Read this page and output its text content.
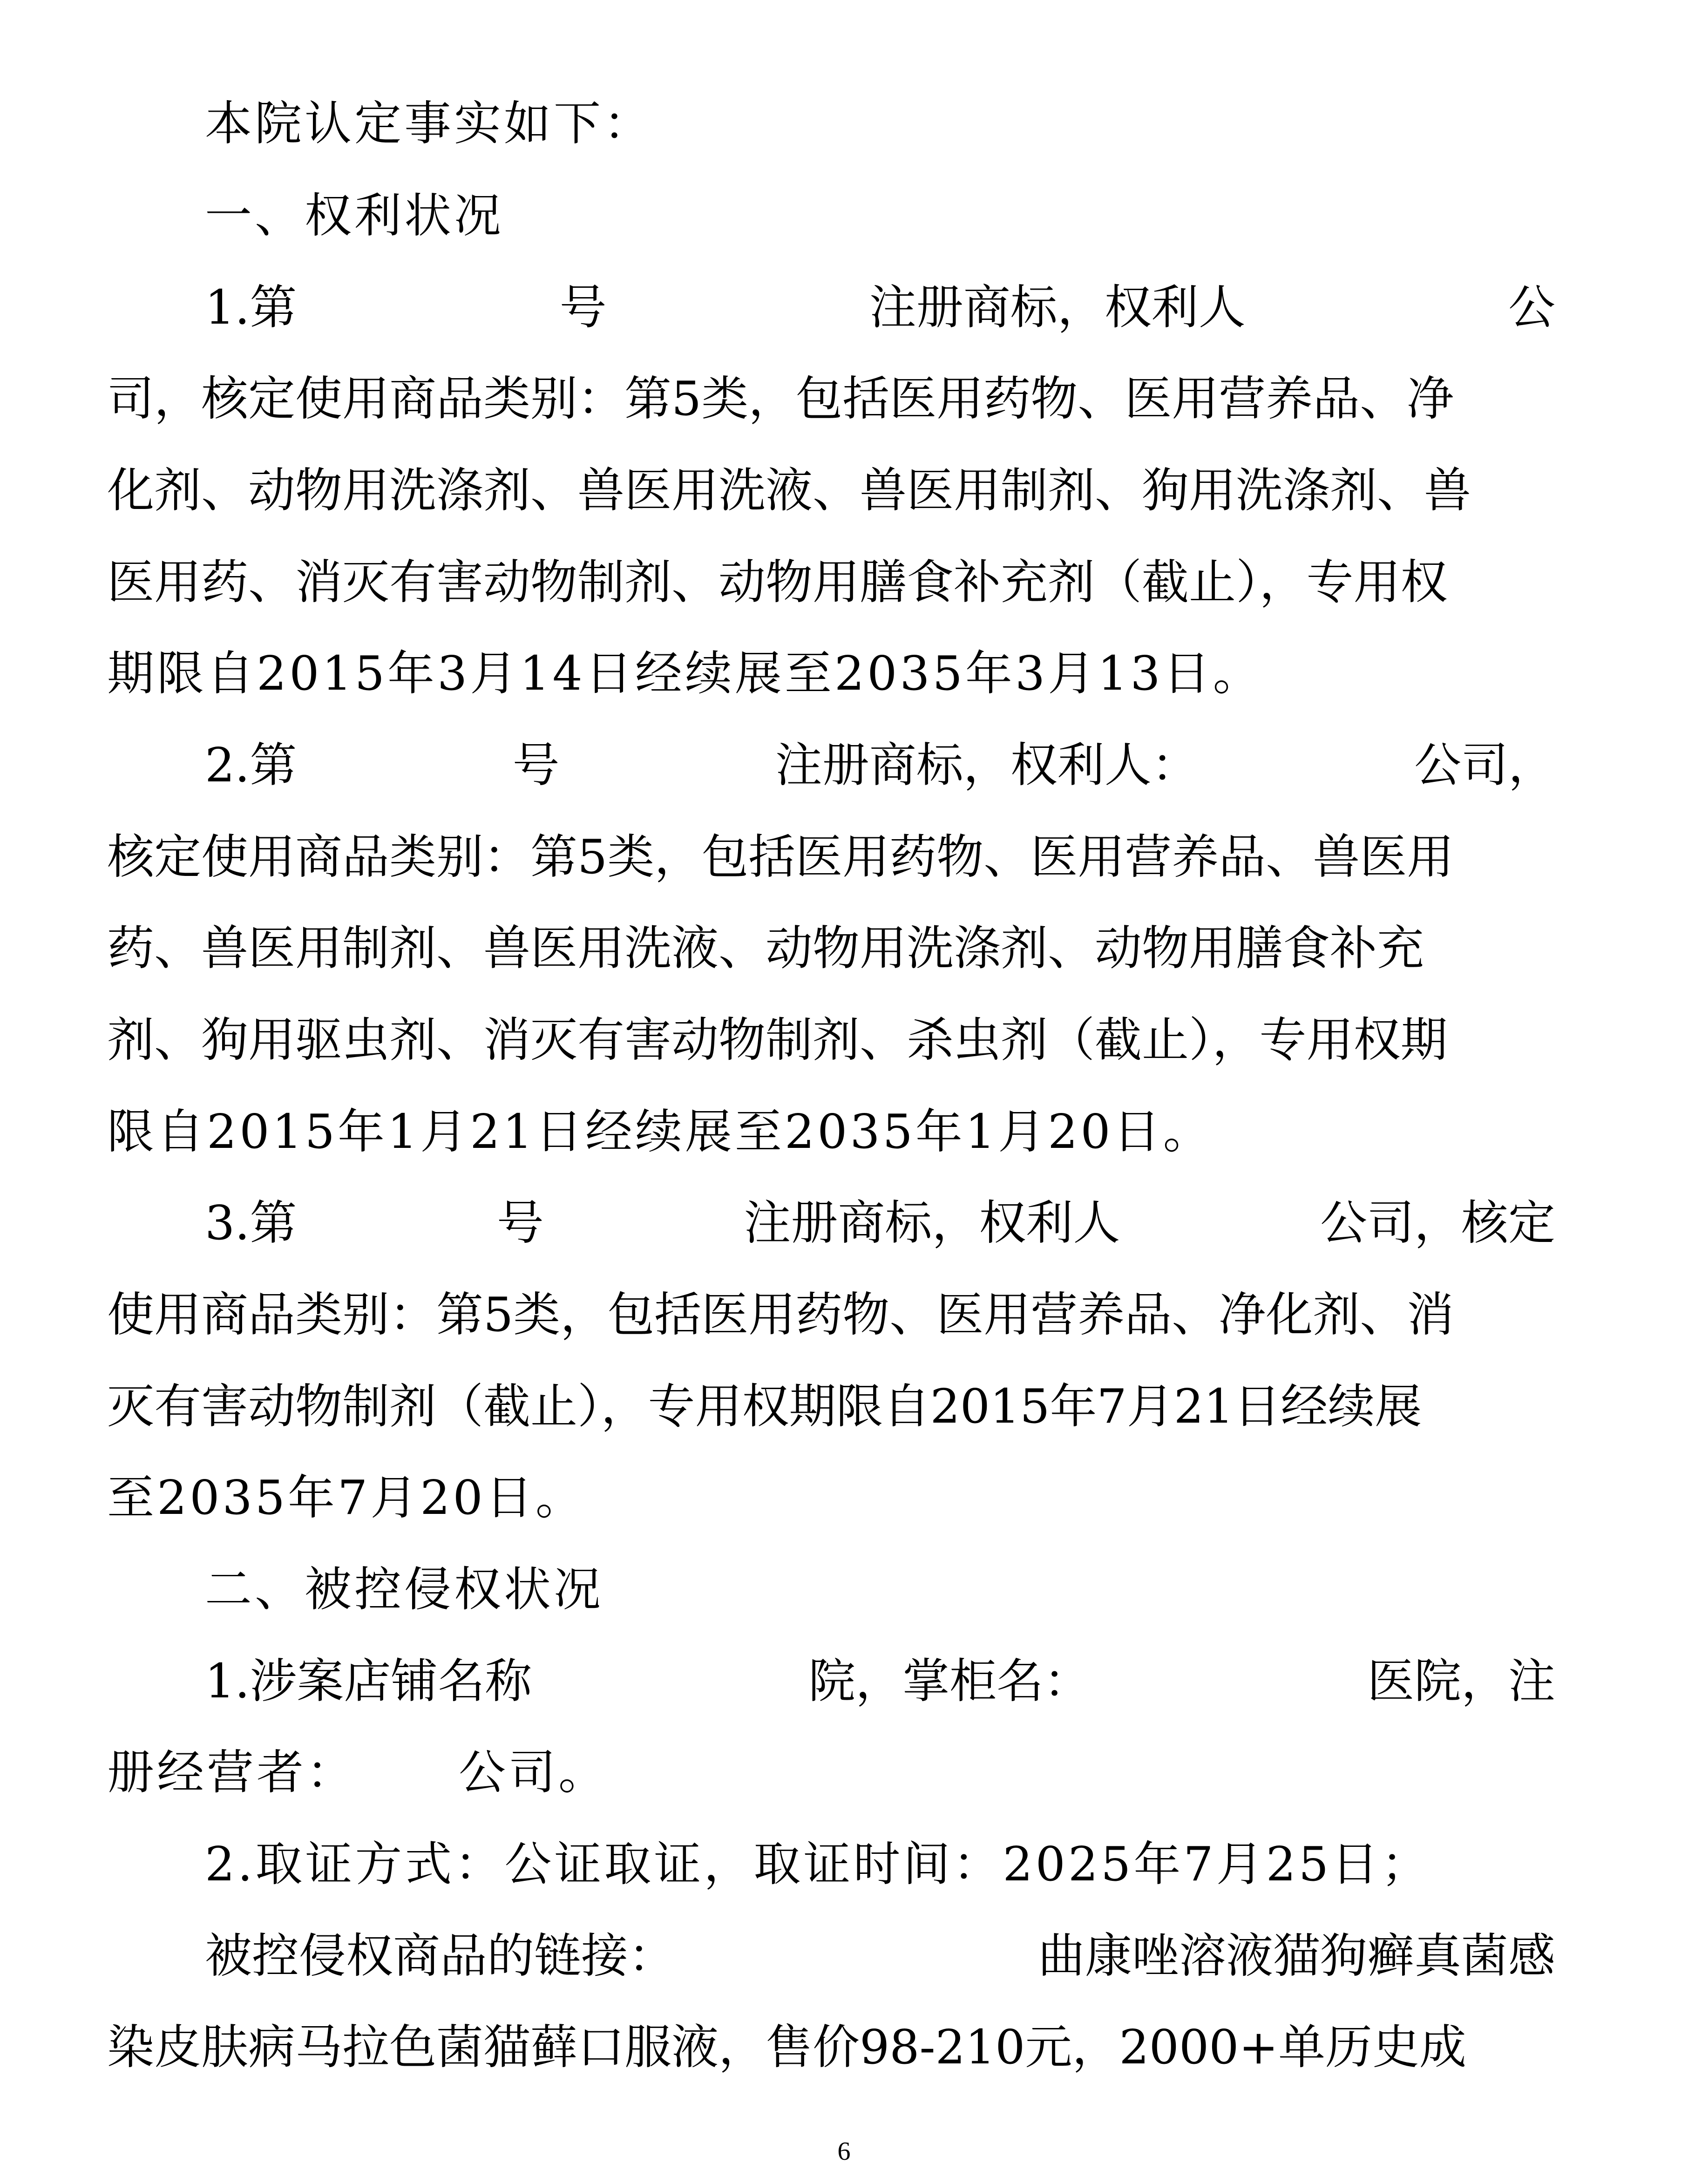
本院认定事实如下：
一、权利状况
1.第	号	注册商标，权利人	公
司，核定使用商品类别：第5类，包括医用药物、医用营养品、净
化剂、动物用洗涤剂、兽医用洗液、兽医用制剂、狗用洗涤剂、兽
医用药、消灭有害动物制剂、动物用膳食补充剂（截止），专用权
期限自2015年3月14日经续展至2035年3月13日。
2.第	号	注册商标，权利人：	公司，
核定使用商品类别：第5类，包括医用药物、医用营养品、兽医用
药、兽医用制剂、兽医用洗液、动物用洗涤剂、动物用膳食补充
剂、狗用驱虫剂、消灭有害动物制剂、杀虫剂（截止），专用权期
限自2015年1月21日经续展至2035年1月20日。
3.第	号	注册商标，权利人	公司，核定
使用商品类别：第5类，包括医用药物、医用营养品、净化剂、消
灭有害动物制剂（截止），专用权期限自2015年7月21日经续展
至2035年7月20日。
二、被控侵权状况
1.涉案店铺名称	院，掌柜名：	医院，注
册经营者： 公司。
2.取证方式：公证取证，取证时间：2025年7月25日；
被控侵权商品的链接：	曲康唑溶液猫狗癣真菌感
染皮肤病马拉色菌猫藓口服液，售价98-210元，2000+单历史成
6
